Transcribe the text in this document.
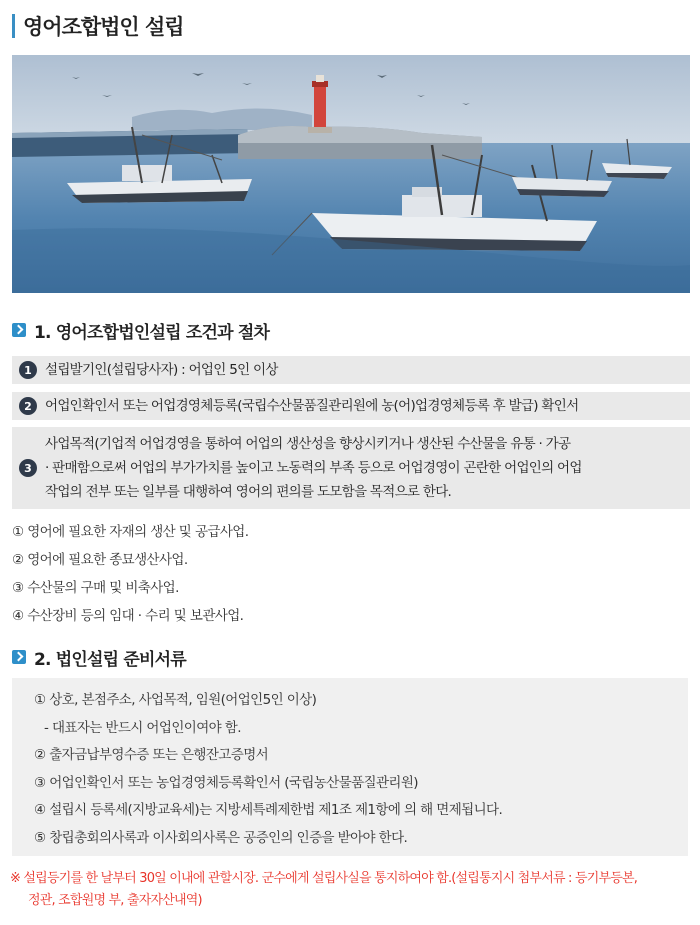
영어조합법인 설립
1. 영어조합법인설립 조건과 절차
1 설립발기인(설립당사자) : 어업인 5인 이상
2 어업인확인서 또는 어업경영체등록(국립수산물품질관리원에 농(어)업경영체등록 후 발급) 확인서
3
사업목적(기업적 어업경영을 통하여 어업의 생산성을 향상시키거나 생산된 수산물을 유통 · 가공
· 판매함으로써 어업의 부가가치를 높이고 노동력의 부족 등으로 어업경영이 곤란한 어업인의 어업
작업의 전부 또는 일부를 대행하여 영어의 편의를 도모함을 목적으로 한다.
① 영어에 필요한 자재의 생산 및 공급사업.
② 영어에 필요한 종묘생산사업.
③ 수산물의 구매 및 비축사업.
④ 수산장비 등의 임대 · 수리 및 보관사업.
2. 법인설립 준비서류
① 상호, 본점주소, 사업목적, 임원(어업인5인 이상)
- 대표자는 반드시 어업인이여야 함.
② 출자금납부영수증 또는 은행잔고증명서
③ 어업인확인서 또는 농업경영체등록확인서 (국립농산물품질관리원)
④ 설립시 등록세(지방교육세)는 지방세특례제한법 제1조 제1항에 의 해 면제됩니다.
⑤ 창립총회의사록과 이사회의사록은 공증인의 인증을 받아야 한다.
※ 설립등기를 한 날부터 30일 이내에 관할시장. 군수에게 설립사실을 통지하여야 함.(설립통지시 첨부서류 : 등기부등본,
정관, 조합원명 부, 출자자산내역)
